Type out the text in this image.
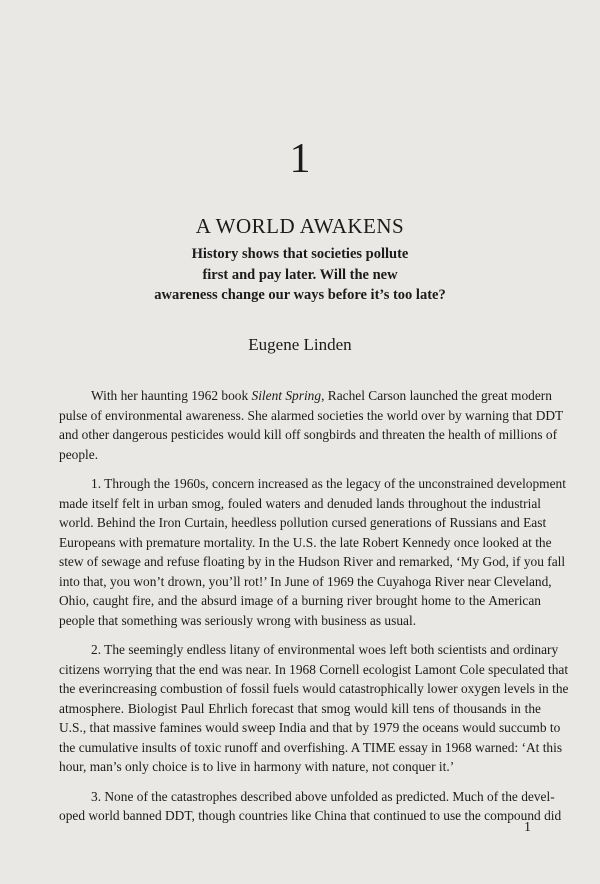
1
A WORLD AWAKENS
History shows that societies pollute
first and pay later. Will the new
awareness change our ways before it’s too late?
Eugene Linden

With her haunting 1962 book Silent Spring, Rachel Carson launched the great modern
pulse of environmental awareness. She alarmed societies the world over by warning that DDT
and other dangerous pesticides would kill off songbirds and threaten the health of millions of
people.

1. Through the 1960s, concern increased as the legacy of the unconstrained development
made itself felt in urban smog, fouled waters and denuded lands throughout the industrial
world. Behind the Iron Curtain, heedless pollution cursed generations of Russians and East
Europeans with premature mortality. In the U.S. the late Robert Kennedy once looked at the
stew of sewage and refuse floating by in the Hudson River and remarked, ‘My God, if you fall
into that, you won’t drown, you’ll rot!’ In June of 1969 the Cuyahoga River near Cleveland,
Ohio, caught fire, and the absurd image of a burning river brought home to the American
people that something was seriously wrong with business as usual.

2. The seemingly endless litany of environmental woes left both scientists and ordinary
citizens worrying that the end was near. In 1968 Cornell ecologist Lamont Cole speculated that
the everincreasing combustion of fossil fuels would catastrophically lower oxygen levels in the
atmosphere. Biologist Paul Ehrlich forecast that smog would kill tens of thousands in the
U.S., that massive famines would sweep India and that by 1979 the oceans would succumb to
the cumulative insults of toxic runoff and overfishing. A TIME essay in 1968 warned: ‘At this
hour, man’s only choice is to live in harmony with nature, not conquer it.’

3. None of the catastrophes described above unfolded as predicted. Much of the devel-
oped world banned DDT, though countries like China that continued to use the compound did

1
